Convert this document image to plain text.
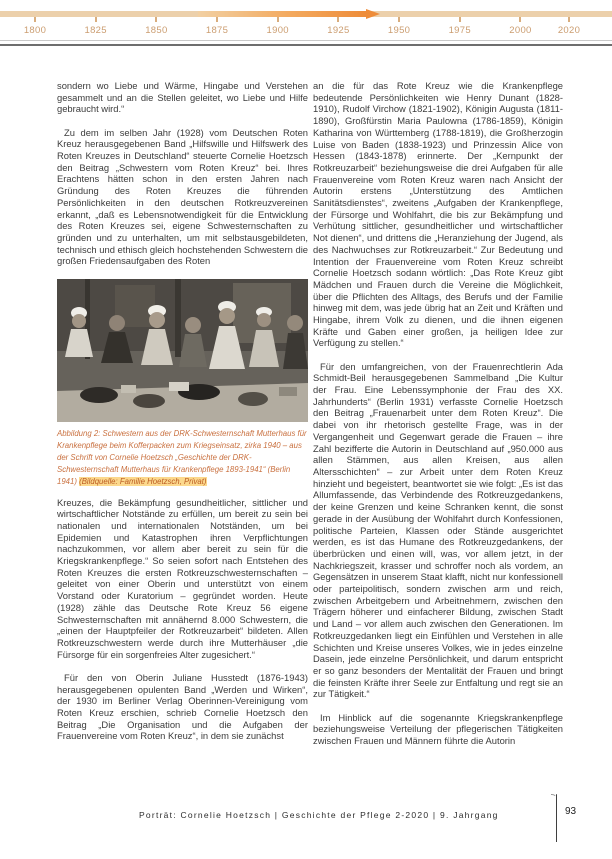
1800	1825	1850	1875	1900	1925	1950	1975	2000	2020

sondern wo Liebe und Wärme, Hingabe und Verstehen gesammelt und an die Stellen geleitet, wo Liebe und Hilfe gebraucht wird.“

Zu dem im selben Jahr (1928) vom Deutschen Roten Kreuz herausgegebenen Band „Hilfswille und Hilfswerk des Roten Kreuzes in Deutschland“ steuerte Cornelie Hoetzsch den Beitrag „Schwestern vom Roten Kreuz“ bei. Ihres Erachtens hätten schon in den ersten Jahren nach Gründung des Roten Kreuzes die führenden Persönlichkeiten in den deutschen Rotkreuzvereinen erkannt, „daß es Lebensnotwendigkeit für die Entwicklung des Roten Kreuzes sei, eigene Schwesternschaften zu gründen und zu unterhalten, um mit selbstausgebildeten, technisch und ethisch gleich hochstehenden Schwestern die großen Friedensaufgaben des Roten

Abbildung 2: Schwestern aus der DRK-Schwesternschaft Mutterhaus für Krankenpflege beim Kofferpacken zum Kriegseinsatz, zirka 1940 – aus der Schrift von Cornelie Hoetzsch „Geschichte der DRK-Schwesternschaft Mutterhaus für Krankenpflege 1893-1941“ (Berlin 1941) (Bildquelle: Familie Hoetzsch, Privat)

Kreuzes, die Bekämpfung gesundheitlicher, sittlicher und wirtschaftlicher Notstände zu erfüllen, um bereit zu sein bei nationalen und internationalen Notständen, um bei Epidemien und Katastrophen ihren Verpflichtungen nachzukommen, vor allem aber bereit zu sein für die Kriegskrankenpflege.“ So seien sofort nach Entstehen des Roten Kreuzes die ersten Rotkreuzschwesternschaften – geleitet von einer Oberin und unterstützt von einem Vorstand oder Kuratorium – gegründet worden. Heute (1928) zähle das Deutsche Rote Kreuz 56 eigene Schwesternschaften mit annähernd 8.000 Schwestern, die „einen der Hauptpfeiler der Rotkreuzarbeit“ bildeten. Allen Rotkreuzschwestern werde durch ihre Mutterhäuser „die Fürsorge für ein sorgenfreies Alter zugesichert.“

Für den von Oberin Juliane Husstedt (1876-1943) herausgegebenen opulenten Band „Werden und Wirken“, der 1930 im Berliner Verlag Oberinnen-Vereinigung vom Roten Kreuz erschien, schrieb Cornelie Hoetzsch den Beitrag „Die Organisation und die Aufgaben der Frauenvereine vom Roten Kreuz“, in dem sie zunächst

an die für das Rote Kreuz wie die Krankenpflege bedeutende Persönlichkeiten wie Henry Dunant (1828-1910), Rudolf Virchow (1821-1902), Königin Augusta (1811-1890), Großfürstin Maria Paulowna (1786-1859), Königin Katharina von Württemberg (1788-1819), die Großherzogin Luise von Baden (1838-1923) und Prinzessin Alice von Hessen (1843-1878) erinnerte. Der „Kernpunkt der Rotkreuzarbeit“ beziehungsweise die drei Aufgaben für alle Frauenvereine vom Roten Kreuz waren nach Ansicht der Autorin erstens „Unterstützung des Amtlichen Sanitätsdienstes“, zweitens „Aufgaben der Krankenpflege, der Fürsorge und Wohlfahrt, die bis zur Bekämpfung und Verhütung sittlicher, gesundheitlicher und wirtschaftlicher Not dienen“, und drittens die „Heranziehung der Jugend, als des Nachwuchses zur Rotkreuzarbeit.“ Zur Bedeutung und Intention der Frauenvereine vom Roten Kreuz schreibt Cornelie Hoetzsch sodann wörtlich: „Das Rote Kreuz gibt Mädchen und Frauen durch die Vereine die Möglichkeit, über die Pflichten des Alltags, des Berufs und der Familie hinweg mit dem, was jede übrig hat an Zeit und Kräften und Hingabe, ihrem Volk zu dienen, und die ihnen eigenen Kräfte und Gaben einer großen, ja heiligen Idee zur Verfügung zu stellen.“

Für den umfangreichen, von der Frauenrechtlerin Ada Schmidt-Beil herausgegebenen Sammelband „Die Kultur der Frau. Eine Lebenssymphonie der Frau des XX. Jahrhunderts“ (Berlin 1931) verfasste Cornelie Hoetzsch den Beitrag „Frauenarbeit unter dem Roten Kreuz“. Die dabei von ihr rhetorisch gestellte Frage, was in der Vergangenheit und Gegenwart gerade die Frauen – ihre Zahl bezifferte die Autorin in Deutschland auf „950.000 aus allen Stämmen, aus allen Kreisen, aus allen Altersschichten“ – zur Arbeit unter dem Roten Kreuz hinzieht und begeistert, beantwortet sie wie folgt: „Es ist das Allumfassende, das Verbindende des Rotkreuzgedankens, der keine Grenzen und keine Schranken kennt, die sonst gerade in der Ausübung der Wohlfahrt durch Konfessionen, politische Parteien, Klassen oder Stände ausgerichtet werden, es ist das Humane des Rotkreuzgedankens, der überbrücken und einen will, was, vor allem jetzt, in der Nachkriegszeit, krasser und schroffer noch als vordem, an Gegensätzen in unserem Staat klafft, nicht nur konfessionell oder parteipolitisch, sondern zwischen arm und reich, zwischen Arbeitgebern und Arbeitnehmern, zwischen den Trägern höherer und einfacherer Bildung, zwischen Stadt und Land – vor allem auch zwischen den Generationen. Im Rotkreuzgedanken liegt ein Einfühlen und Verstehen in alle Schichten und Kreise unseres Volkes, wie in jedes einzelne Dasein, jede einzelne Persönlichkeit, und darum entspricht er so ganz besonders der Mentalität der Frauen und bringt die feinsten Kräfte ihrer Seele zur Entfaltung und regt sie an zur Tätigkeit.“

Im Hinblick auf die sogenannte Kriegskrankenpflege beziehungsweise Verteilung der pflegerischen Tätigkeiten zwischen Frauen und Männern führte die Autorin

Porträt: Cornelie Hoetzsch | Geschichte der Pflege 2-2020 | 9. Jahrgang	93
